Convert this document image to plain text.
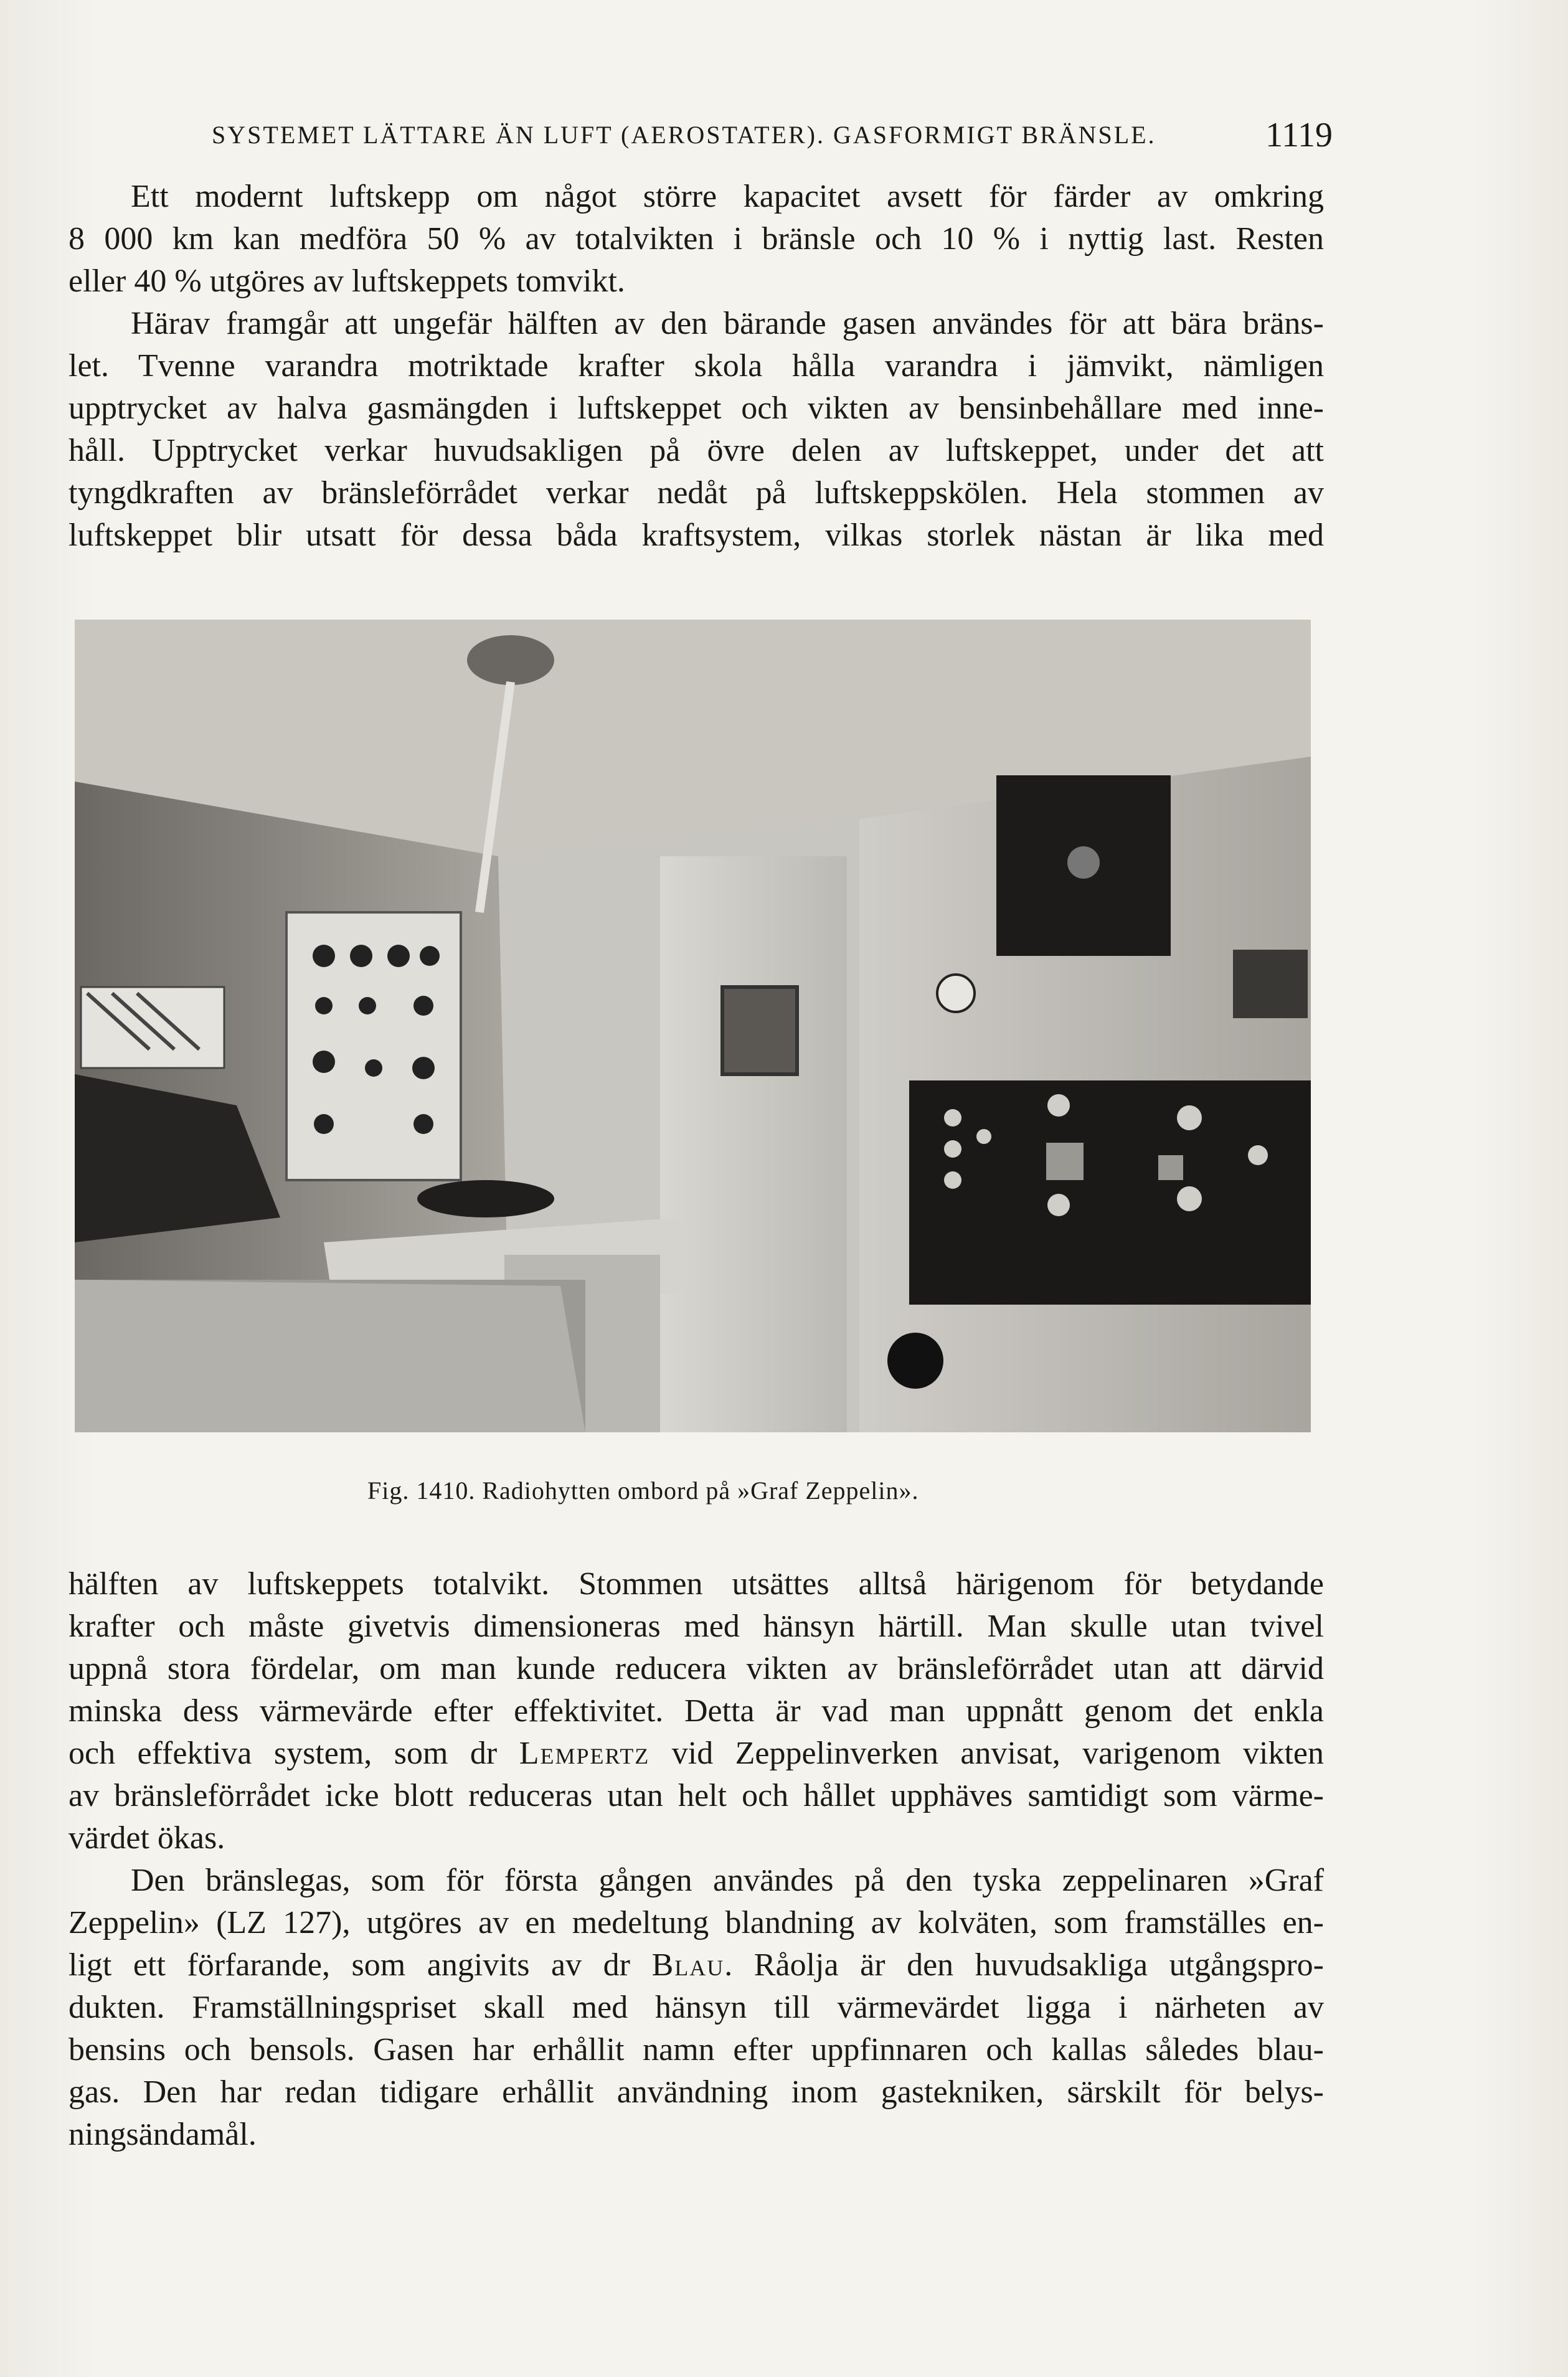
SYSTEMET LÄTTARE ÄN LUFT (AEROSTATER). GASFORMIGT BRÄNSLE.	1119
Ett modernt luftskepp om något större kapacitet avsett för färder av omkring
8 000 km kan medföra 50 % av totalvikten i bränsle och 10 % i nyttig last. Resten
eller 40 % utgöres av luftskeppets tomvikt.
Härav framgår att ungefär hälften av den bärande gasen användes för att bära bräns-
let. Tvenne varandra motriktade krafter skola hålla varandra i jämvikt, nämligen
upptrycket av halva gasmängden i luftskeppet och vikten av bensinbehållare med inne-
håll. Upptrycket verkar huvudsakligen på övre delen av luftskeppet, under det att
tyngdkraften av bränsleförrådet verkar nedåt på luftskeppskölen. Hela stommen av
luftskeppet blir utsatt för dessa båda kraftsystem, vilkas storlek nästan är lika med
Fig. 1410. Radiohytten ombord på »Graf Zeppelin».
hälften av luftskeppets totalvikt. Stommen utsättes alltså härigenom för betydande
krafter och måste givetvis dimensioneras med hänsyn härtill. Man skulle utan tvivel
uppnå stora fördelar, om man kunde reducera vikten av bränsleförrådet utan att därvid
minska dess värmevärde efter effektivitet. Detta är vad man uppnått genom det enkla
och effektiva system, som dr Lempertz vid Zeppelinverken anvisat, varigenom vikten
av bränsleförrådet icke blott reduceras utan helt och hållet upphäves samtidigt som värme-
värdet ökas.
Den bränslegas, som för första gången användes på den tyska zeppelinaren »Graf
Zeppelin» (LZ 127), utgöres av en medeltung blandning av kolväten, som framställes en-
ligt ett förfarande, som angivits av dr Blau. Råolja är den huvudsakliga utgångspro-
dukten. Framställningspriset skall med hänsyn till värmevärdet ligga i närheten av
bensins och bensols. Gasen har erhållit namn efter uppfinnaren och kallas således blau-
gas. Den har redan tidigare erhållit användning inom gastekniken, särskilt för belys-
ningsändamål.
